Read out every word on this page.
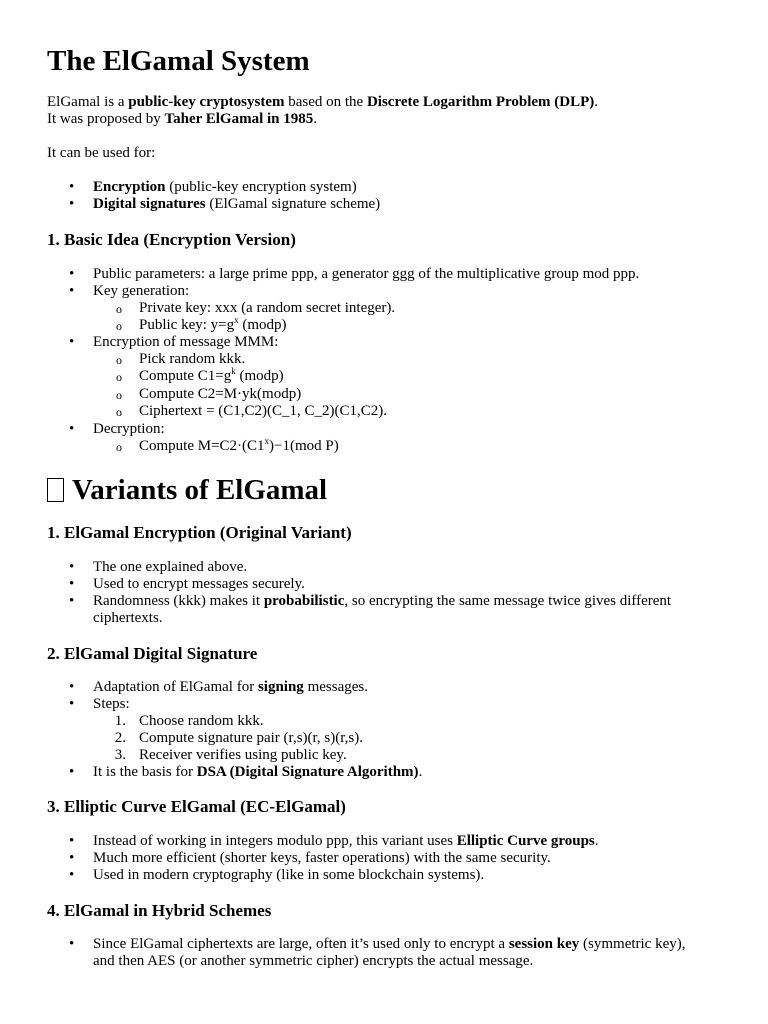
The ElGamal System
ElGamal is a public-key cryptosystem based on the Discrete Logarithm Problem (DLP).
It was proposed by Taher ElGamal in 1985.
It can be used for:
• Encryption (public-key encryption system)
• Digital signatures (ElGamal signature scheme)
1. Basic Idea (Encryption Version)
• Public parameters: a large prime ppp, a generator ggg of the multiplicative group mod ppp.
• Key generation:
o Private key: xxx (a random secret integer).
o Public key: $y=g^x$ (modp)
• Encryption of message MMM:
o Pick random kkk.
o Compute $C1=g^k$ (modp)
o Compute C2=M·yk(modp)
o Ciphertext = (C1,C2)(C_1, C_2)(C1,C2).
• Decryption:
o Compute $M=C2\cdot(C1^x)-1(mod$ P)
Variants of ElGamal
1. ElGamal Encryption (Original Variant)
• The one explained above.
• Used to encrypt messages securely.
• Randomness (kkk) makes it probabilistic, so encrypting the same message twice gives different
ciphertexts.
2. ElGamal Digital Signature
• Adaptation of ElGamal for signing messages.
• Steps:
1. Choose random kkk.
2. Compute signature pair (r,s)(r, s)(r,s).
3. Receiver verifies using public key.
• It is the basis for DSA (Digital Signature Algorithm).
3. Elliptic Curve ElGamal (EC-ElGamal)
• Instead of working in integers modulo ppp, this variant uses Elliptic Curve groups.
• Much more efficient (shorter keys, faster operations) with the same security.
• Used in modern cryptography (like in some blockchain systems).
4. ElGamal in Hybrid Schemes
• Since ElGamal ciphertexts are large, often it’s used only to encrypt a session key (symmetric key),
and then AES (or another symmetric cipher) encrypts the actual message.
